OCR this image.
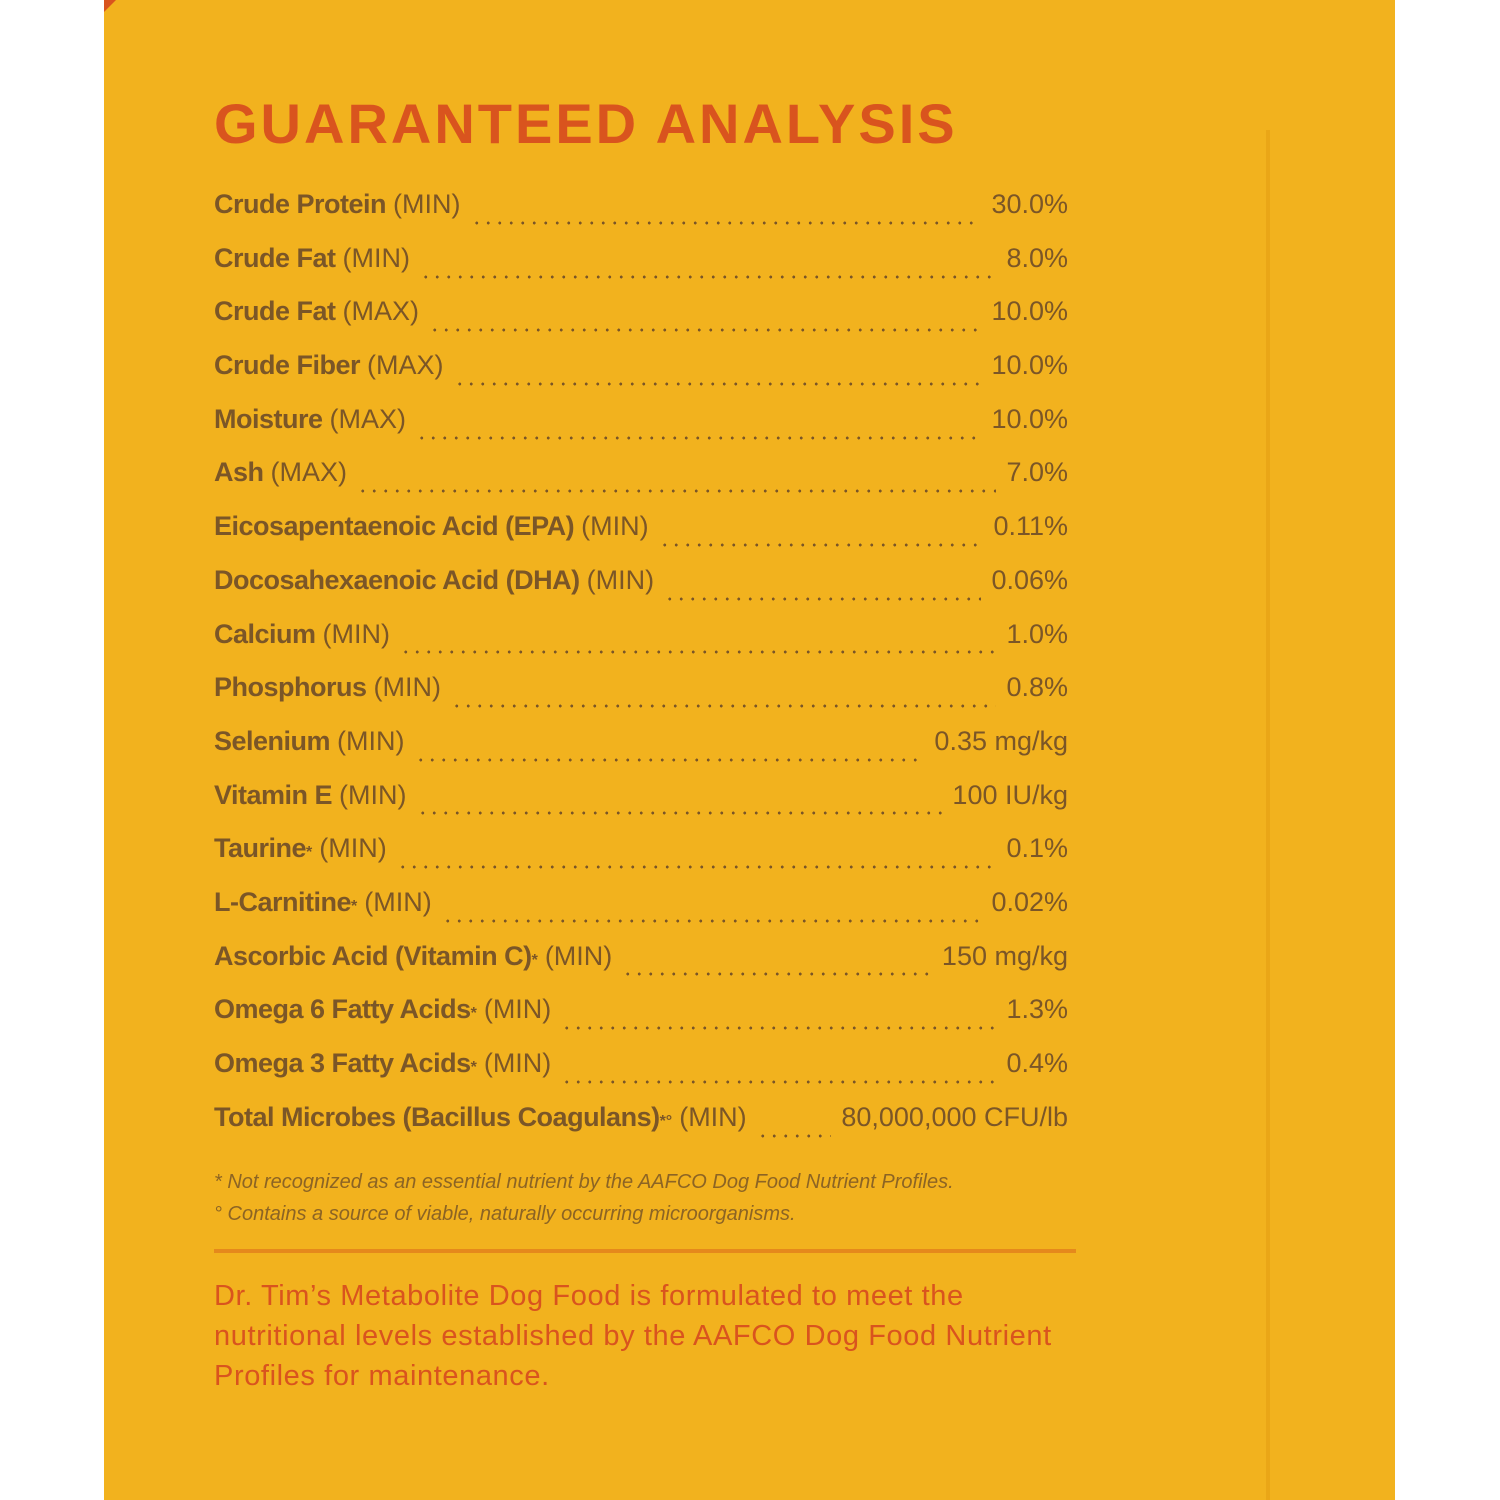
GUARANTEED ANALYSIS
Crude Protein (MIN)	30.0%
Crude Fat (MIN)	8.0%
Crude Fat (MAX)	10.0%
Crude Fiber (MAX)	10.0%
Moisture (MAX)	10.0%
Ash (MAX)	7.0%
Eicosapentaenoic Acid (EPA) (MIN)	0.11%
Docosahexaenoic Acid (DHA) (MIN)	0.06%
Calcium (MIN)	1.0%
Phosphorus (MIN)	0.8%
Selenium (MIN)	0.35 mg/kg
Vitamin E (MIN)	100 IU/kg
Taurine * (MIN)	0.1%
L-Carnitine * (MIN)	0.02%
Ascorbic Acid (Vitamin C) * (MIN)	150 mg/kg
Omega 6 Fatty Acids * (MIN)	1.3%
Omega 3 Fatty Acids * (MIN)	0.4%
Total Microbes (Bacillus Coagulans) *° (MIN)	80,000,000 CFU/lb
* Not recognized as an essential nutrient by the AAFCO Dog Food Nutrient Profiles.
° Contains a source of viable, naturally occurring microorganisms.

Dr. Tim’s Metabolite Dog Food is formulated to meet the nutritional levels established by the AAFCO Dog Food Nutrient Profiles for maintenance.
